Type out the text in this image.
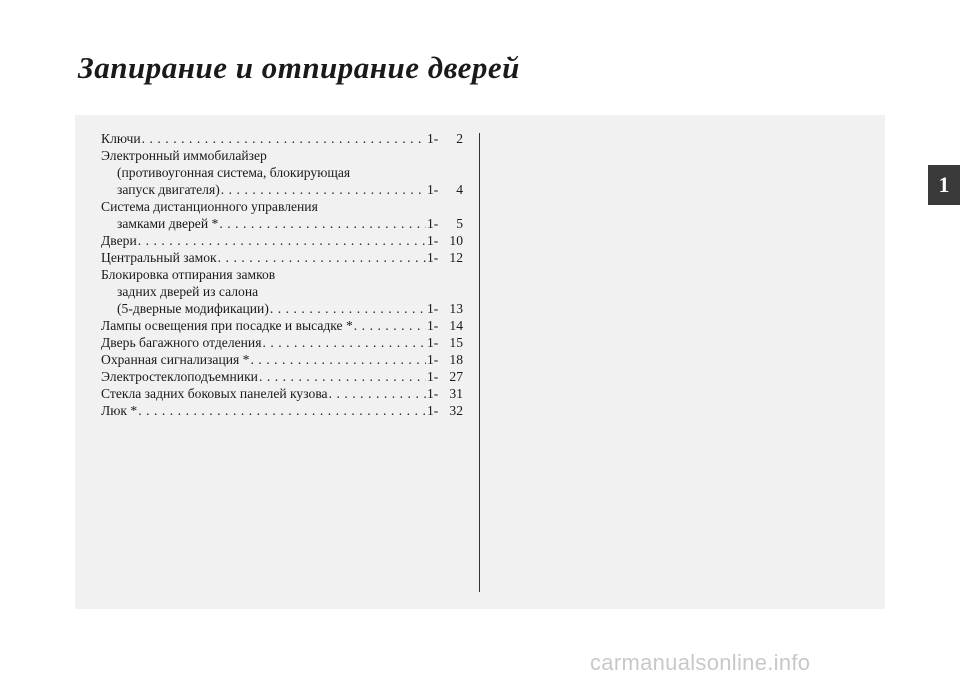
Запирание и отпирание дверей
Ключи . . .	1-	2
Электронный иммобилайзер
(противоугонная система, блокирующая
запуск двигателя) . . .	1-	4
Система дистанционного управления
замками дверей * . . .	1-	5
Двери . . .	1- 10
Центральный замок . . .	1- 12
Блокировка отпирания замков
задних дверей из салона
(5-дверные модификации) . . .	1- 13
Лампы освещения при посадке и высадке * . . .	1- 14
Дверь багажного отделения . . .	1- 15
Охранная сигнализация * . . .	1- 18
Электростеклоподъемники . . .	1- 27
Стекла задних боковых панелей кузова . . .	1- 31
Люк * . . .	1- 32
1
carmanualsonline.info
